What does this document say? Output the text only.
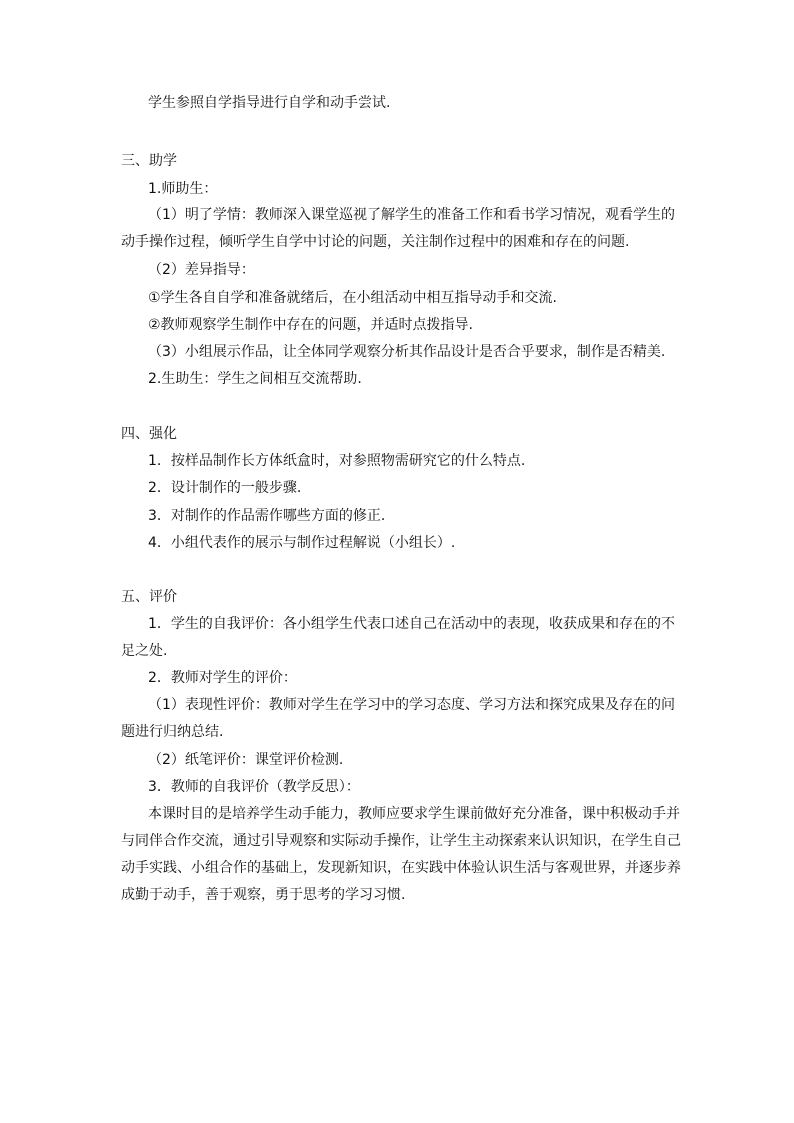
学生参照自学指导进行自学和动手尝试.
三、助学
1.师助生：
（1）明了学情：教师深入课堂巡视了解学生的准备工作和看书学习情况，观看学生的
动手操作过程，倾听学生自学中讨论的问题，关注制作过程中的困难和存在的问题.
（2）差异指导：
①学生各自自学和准备就绪后，在小组活动中相互指导动手和交流.
②教师观察学生制作中存在的问题，并适时点拨指导.
（3）小组展示作品，让全体同学观察分析其作品设计是否合乎要求，制作是否精美.
2.生助生：学生之间相互交流帮助.
四、强化
1．按样品制作长方体纸盒时，对参照物需研究它的什么特点.
2．设计制作的一般步骤.
3．对制作的作品需作哪些方面的修正.
4．小组代表作的展示与制作过程解说（小组长）.
五、评价
1．学生的自我评价：各小组学生代表口述自己在活动中的表现，收获成果和存在的不
足之处.
2．教师对学生的评价：
（1）表现性评价：教师对学生在学习中的学习态度、学习方法和探究成果及存在的问
题进行归纳总结.
（2）纸笔评价：课堂评价检测.
3．教师的自我评价（教学反思）：
本课时目的是培养学生动手能力，教师应要求学生课前做好充分准备，课中积极动手并
与同伴合作交流，通过引导观察和实际动手操作，让学生主动探索来认识知识，在学生自己
动手实践、小组合作的基础上，发现新知识，在实践中体验认识生活与客观世界，并逐步养
成勤于动手，善于观察，勇于思考的学习习惯.
